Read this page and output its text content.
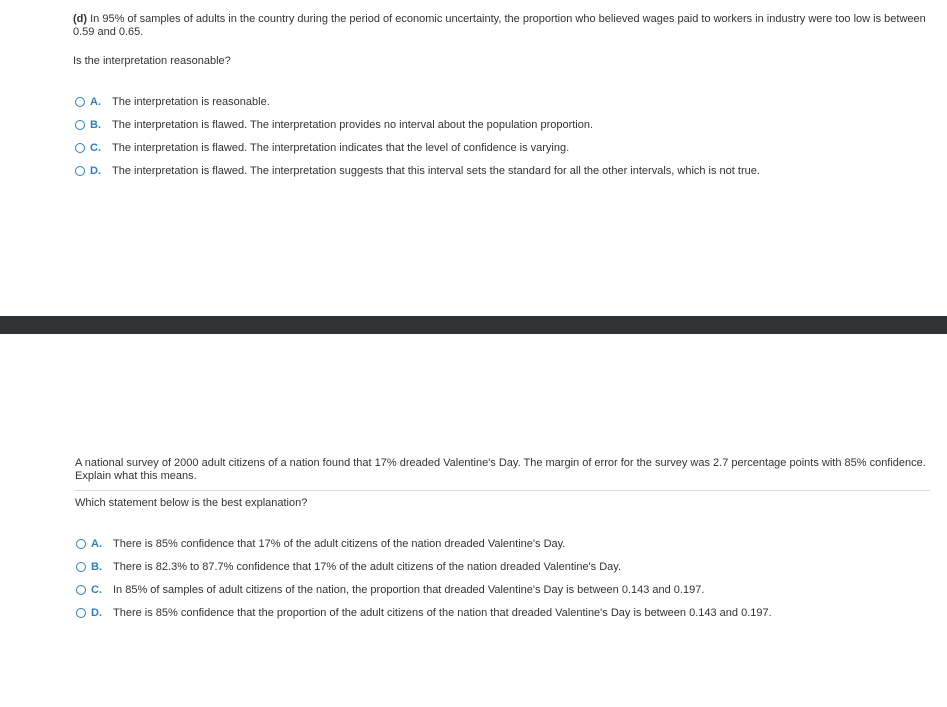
(d) In 95% of samples of adults in the country during the period of economic uncertainty, the proportion who believed wages paid to workers in industry were too low is between 0.59 and 0.65.
Is the interpretation reasonable?
A.	The interpretation is reasonable.
B.	The interpretation is flawed. The interpretation provides no interval about the population proportion.
C.	The interpretation is flawed. The interpretation indicates that the level of confidence is varying.
D.	The interpretation is flawed. The interpretation suggests that this interval sets the standard for all the other intervals, which is not true.
A national survey of 2000 adult citizens of a nation found that 17% dreaded Valentine's Day. The margin of error for the survey was 2.7 percentage points with 85% confidence. Explain what this means.
Which statement below is the best explanation?
A.	There is 85% confidence that 17% of the adult citizens of the nation dreaded Valentine's Day.
B.	There is 82.3% to 87.7% confidence that 17% of the adult citizens of the nation dreaded Valentine's Day.
C.	In 85% of samples of adult citizens of the nation, the proportion that dreaded Valentine's Day is between 0.143 and 0.197.
D.	There is 85% confidence that the proportion of the adult citizens of the nation that dreaded Valentine's Day is between 0.143 and 0.197.
